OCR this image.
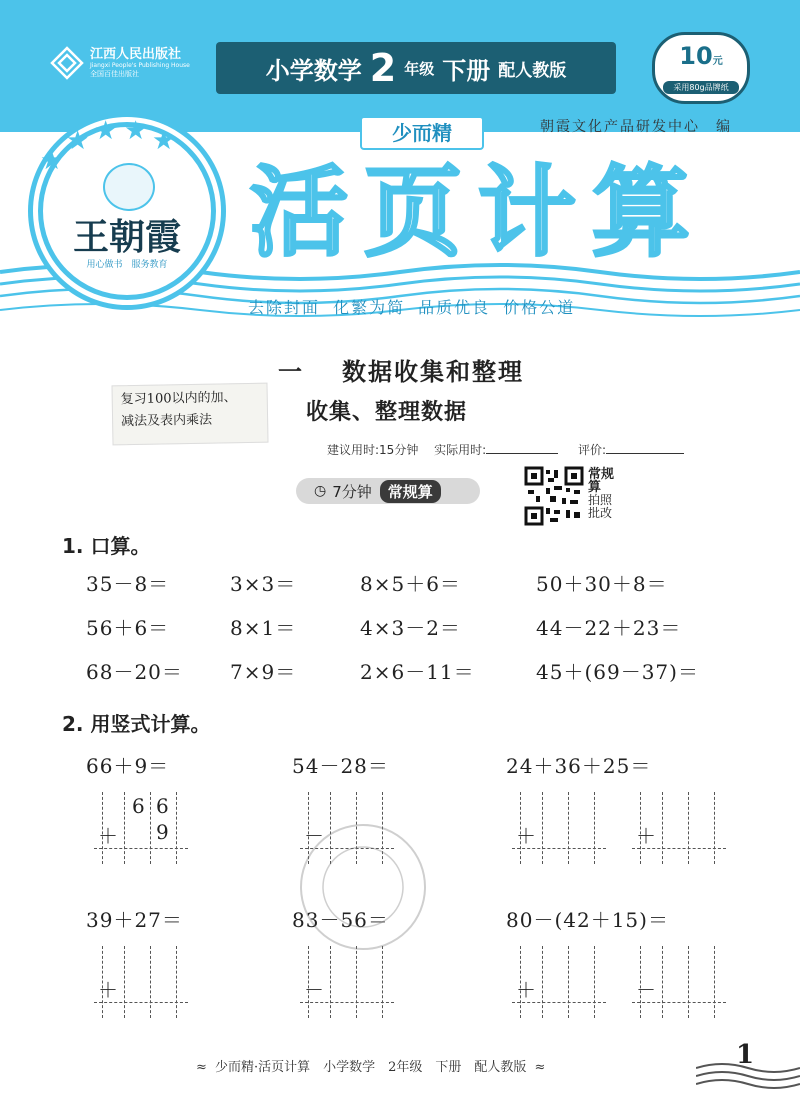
江西人民出版社
Jiangxi People's Publishing House
全国百佳出版社	小学数学 2 年级 下册 配人教版
10元
采用80g品牌纸
少而精	朝霞文化产品研发中心　编
活页计算
王朝霞
用心做书　服务教育
★
★ ★ ★ ★
去除封面 化繁为简 品质优良 价格公道
一 数据收集和整理
复习100以内的加、
减法及表内乘法	收集、整理数据
建议用时:15分钟 实际用时:	评价:
◷ 7分钟	常规算
常规算
拍照批改
1. 口算。
35－8＝	3×3＝	8×5＋6＝	50＋30＋8＝
56＋6＝	8×1＝	4×3－2＝	44－22＋23＝
68－20＝ 7×9＝	2×6－11＝	45＋(69－37)＝
2. 用竖式计算。
66＋9＝	54－28＝	24＋36＋25＝
39＋27＝	83－56＝	80－(42＋15)＝
6 6
9
＋	－	＋	＋
＋	－	＋	－
≈ 少而精·活页计算　小学数学　2年级　下册　配人教版 ≈	1
